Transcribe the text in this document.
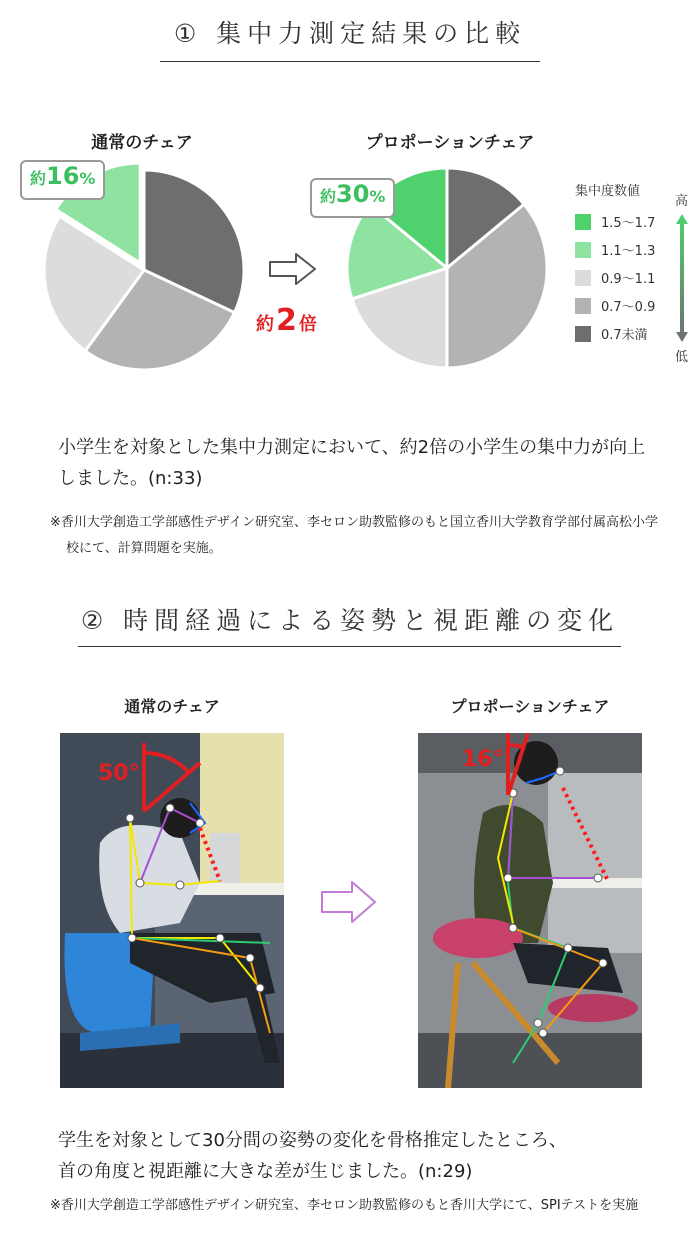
① 集中力測定結果の比較
通常のチェア	プロポーションチェア
約 16 %
約 30 %
約 2 倍
集中度数値
1.5〜1.7
1.1〜1.3
0.9〜1.1
0.7〜0.9
0.7未満
高
低
小学生を対象とした集中力測定において、約2倍の小学生の集中力が向上しました。(n:33)
※香川大学創造工学部感性デザイン研究室、李セロン助教監修のもと国立香川大学教育学部付属高松小学校にて、計算問題を実施。
② 時間経過による姿勢と視距離の変化
通常のチェア	プロポーションチェア
50°
16°
学生を対象として30分間の姿勢の変化を骨格推定したところ、
首の角度と視距離に大きな差が生じました。(n:29)
※香川大学創造工学部感性デザイン研究室、李セロン助教監修のもと香川大学にて、SPIテストを実施
